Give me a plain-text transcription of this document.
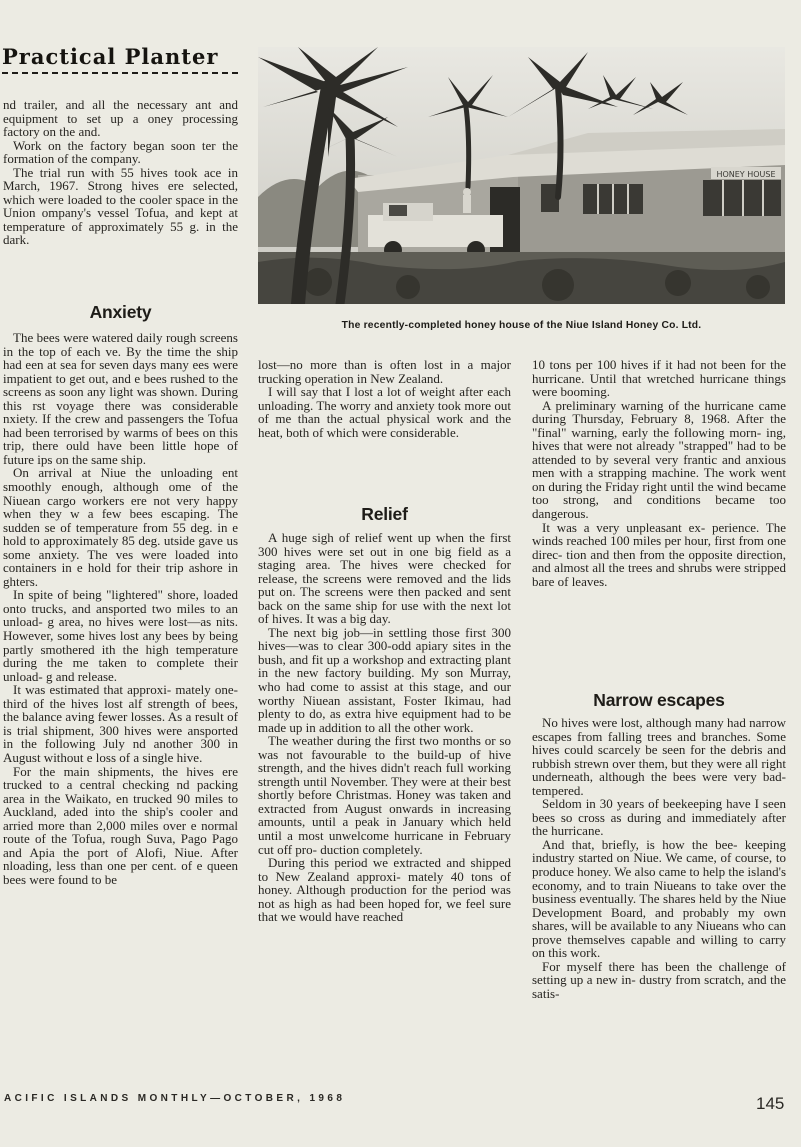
Practical Planter
HONEY HOUSE
The recently-completed honey house of the Niue Island Honey Co. Ltd.

nd trailer, and all the necessary ant and equipment to set up a oney processing factory on the and.

Work on the factory began soon ter the formation of the company.

The trial run with 55 hives took ace in March, 1967. Strong hives ere selected, which were loaded to the cooler space in the Union ompany's vessel Tofua, and kept at temperature of approximately 55 g. in the dark.

Anxiety

The bees were watered daily rough screens in the top of each ve. By the time the ship had een at sea for seven days many ees were impatient to get out, and e bees rushed to the screens as soon any light was shown. During this rst voyage there was considerable nxiety. If the crew and passengers the Tofua had been terrorised by warms of bees on this trip, there ould have been little hope of future ips on the same ship.

On arrival at Niue the unloading ent smoothly enough, although ome of the Niuean cargo workers ere not very happy when they w a few bees escaping. The sudden se of temperature from 55 deg. in e hold to approximately 85 deg. utside gave us some anxiety. The ves were loaded into containers in e hold for their trip ashore in ghters.

In spite of being "lightered" shore, loaded onto trucks, and ansported two miles to an unload- g area, no hives were lost—as nits. However, some hives lost any bees by being partly smothered ith the high temperature during the me taken to complete their unload- g and release.

It was estimated that approxi- mately one-third of the hives lost alf strength of bees, the balance aving fewer losses. As a result of is trial shipment, 300 hives were ansported in the following July nd another 300 in August without e loss of a single hive.

For the main shipments, the hives ere trucked to a central checking nd packing area in the Waikato, en trucked 90 miles to Auckland, aded into the ship's cooler and arried more than 2,000 miles over e normal route of the Tofua, rough Suva, Pago Pago and Apia the port of Alofi, Niue. After nloading, less than one per cent. of e queen bees were found to be

lost—no more than is often lost in a major trucking operation in New Zealand.

I will say that I lost a lot of weight after each unloading. The worry and anxiety took more out of me than the actual physical work and the heat, both of which were considerable.

Relief

A huge sigh of relief went up when the first 300 hives were set out in one big field as a staging area. The hives were checked for release, the screens were removed and the lids put on. The screens were then packed and sent back on the same ship for use with the next lot of hives. It was a big day.

The next big job—in settling those first 300 hives—was to clear 300-odd apiary sites in the bush, and fit up a workshop and extracting plant in the new factory building. My son Murray, who had come to assist at this stage, and our worthy Niuean assistant, Foster Ikimau, had plenty to do, as extra hive equipment had to be made up in addition to all the other work.

The weather during the first two months or so was not favourable to the build-up of hive strength, and the hives didn't reach full working strength until November. They were at their best shortly before Christmas. Honey was taken and extracted from August onwards in increasing amounts, until a peak in January which held until a most unwelcome hurricane in February cut off pro- duction completely.

During this period we extracted and shipped to New Zealand approxi- mately 40 tons of honey. Although production for the period was not as high as had been hoped for, we feel sure that we would have reached

10 tons per 100 hives if it had not been for the hurricane. Until that wretched hurricane things were booming.

A preliminary warning of the hurricane came during Thursday, February 8, 1968. After the "final" warning, early the following morn- ing, hives that were not already "strapped" had to be attended to by several very frantic and anxious men with a strapping machine. The work went on during the Friday right until the wind became too strong, and conditions became too dangerous.

It was a very unpleasant ex- perience. The winds reached 100 miles per hour, first from one direc- tion and then from the opposite direction, and almost all the trees and shrubs were stripped bare of leaves.

Narrow escapes

No hives were lost, although many had narrow escapes from falling trees and branches. Some hives could scarcely be seen for the debris and rubbish strewn over them, but they were all right underneath, although the bees were very bad-tempered.

Seldom in 30 years of beekeeping have I seen bees so cross as during and immediately after the hurricane.

And that, briefly, is how the bee- keeping industry started on Niue. We came, of course, to produce honey. We also came to help the island's economy, and to train Niueans to take over the business eventually. The shares held by the Niue Development Board, and probably my own shares, will be available to any Niueans who can prove themselves capable and willing to carry on this work.

For myself there has been the challenge of setting up a new in- dustry from scratch, and the satis-

ACIFIC ISLANDS MONTHLY—OCTOBER, 1968	145
